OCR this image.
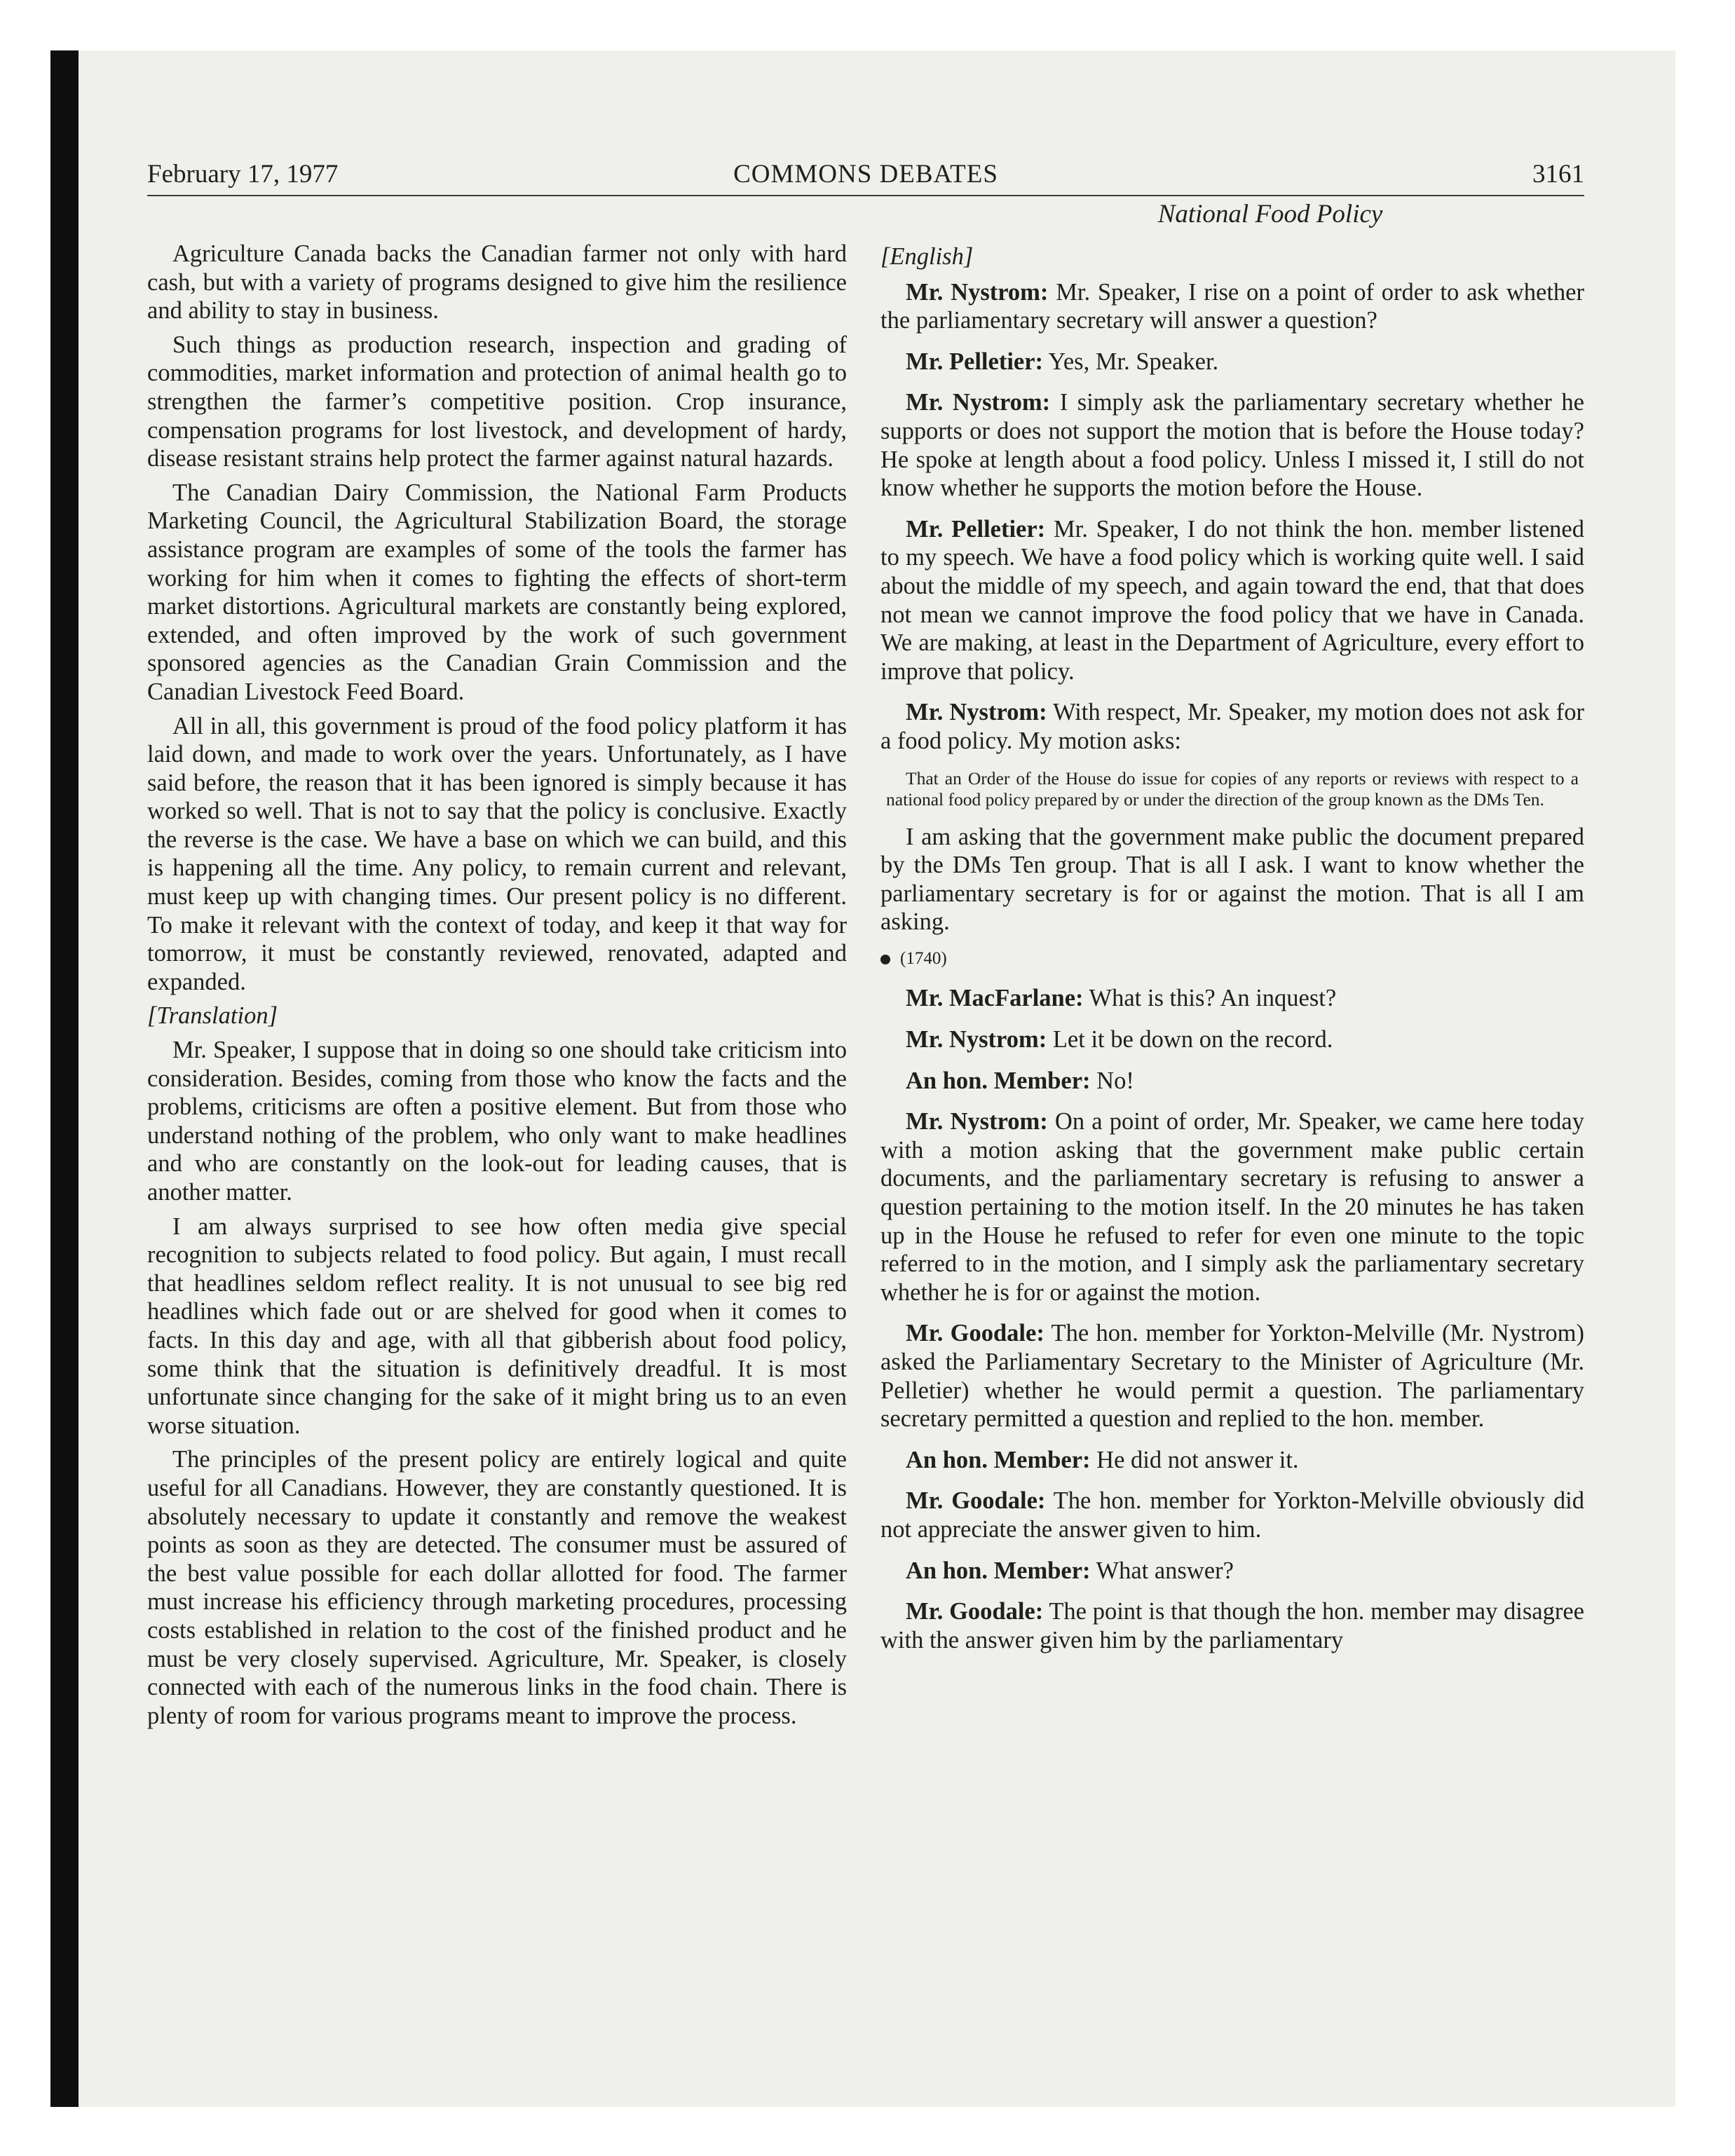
February 17, 1977	COMMONS DEBATES	3161
National Food Policy

Agriculture Canada backs the Canadian farmer not only with hard cash, but with a variety of programs designed to give him the resilience and ability to stay in business.

Such things as production research, inspection and grading of commodities, market information and protection of animal health go to strengthen the farmer’s competitive position. Crop insurance, compensation programs for lost livestock, and development of hardy, disease resistant strains help protect the farmer against natural hazards.

The Canadian Dairy Commission, the National Farm Products Marketing Council, the Agricultural Stabilization Board, the storage assistance program are examples of some of the tools the farmer has working for him when it comes to fighting the effects of short-term market distortions. Agricultural markets are constantly being explored, extended, and often improved by the work of such government sponsored agencies as the Canadian Grain Commission and the Canadian Livestock Feed Board.

All in all, this government is proud of the food policy platform it has laid down, and made to work over the years. Unfortunately, as I have said before, the reason that it has been ignored is simply because it has worked so well. That is not to say that the policy is conclusive. Exactly the reverse is the case. We have a base on which we can build, and this is happening all the time. Any policy, to remain current and relevant, must keep up with changing times. Our present policy is no different. To make it relevant with the context of today, and keep it that way for tomorrow, it must be constantly reviewed, renovated, adapted and expanded.

[Translation]

Mr. Speaker, I suppose that in doing so one should take criticism into consideration. Besides, coming from those who know the facts and the problems, criticisms are often a positive element. But from those who understand nothing of the problem, who only want to make headlines and who are constantly on the look-out for leading causes, that is another matter.

I am always surprised to see how often media give special recognition to subjects related to food policy. But again, I must recall that headlines seldom reflect reality. It is not unusual to see big red headlines which fade out or are shelved for good when it comes to facts. In this day and age, with all that gibberish about food policy, some think that the situation is definitively dreadful. It is most unfortunate since changing for the sake of it might bring us to an even worse situation.

The principles of the present policy are entirely logical and quite useful for all Canadians. However, they are constantly questioned. It is absolutely necessary to update it constantly and remove the weakest points as soon as they are detected. The consumer must be assured of the best value possible for each dollar allotted for food. The farmer must increase his efficiency through marketing procedures, processing costs established in relation to the cost of the finished product and he must be very closely supervised. Agriculture, Mr. Speaker, is closely connected with each of the numerous links in the food chain. There is plenty of room for various programs meant to improve the process.

[English]

Mr. Nystrom: Mr. Speaker, I rise on a point of order to ask whether the parliamentary secretary will answer a question?

Mr. Pelletier: Yes, Mr. Speaker.

Mr. Nystrom: I simply ask the parliamentary secretary whether he supports or does not support the motion that is before the House today? He spoke at length about a food policy. Unless I missed it, I still do not know whether he supports the motion before the House.

Mr. Pelletier: Mr. Speaker, I do not think the hon. member listened to my speech. We have a food policy which is working quite well. I said about the middle of my speech, and again toward the end, that that does not mean we cannot improve the food policy that we have in Canada. We are making, at least in the Department of Agriculture, every effort to improve that policy.

Mr. Nystrom: With respect, Mr. Speaker, my motion does not ask for a food policy. My motion asks:

That an Order of the House do issue for copies of any reports or reviews with respect to a national food policy prepared by or under the direction of the group known as the DMs Ten.

I am asking that the government make public the document prepared by the DMs Ten group. That is all I ask. I want to know whether the parliamentary secretary is for or against the motion. That is all I am asking.

(1740)

Mr. MacFarlane: What is this? An inquest?

Mr. Nystrom: Let it be down on the record.

An hon. Member: No!

Mr. Nystrom: On a point of order, Mr. Speaker, we came here today with a motion asking that the government make public certain documents, and the parliamentary secretary is refusing to answer a question pertaining to the motion itself. In the 20 minutes he has taken up in the House he refused to refer for even one minute to the topic referred to in the motion, and I simply ask the parliamentary secretary whether he is for or against the motion.

Mr. Goodale: The hon. member for Yorkton-Melville (Mr. Nystrom) asked the Parliamentary Secretary to the Minister of Agriculture (Mr. Pelletier) whether he would permit a question. The parliamentary secretary permitted a question and replied to the hon. member.

An hon. Member: He did not answer it.

Mr. Goodale: The hon. member for Yorkton-Melville obviously did not appreciate the answer given to him.

An hon. Member: What answer?

Mr. Goodale: The point is that though the hon. member may disagree with the answer given him by the parliamentary
